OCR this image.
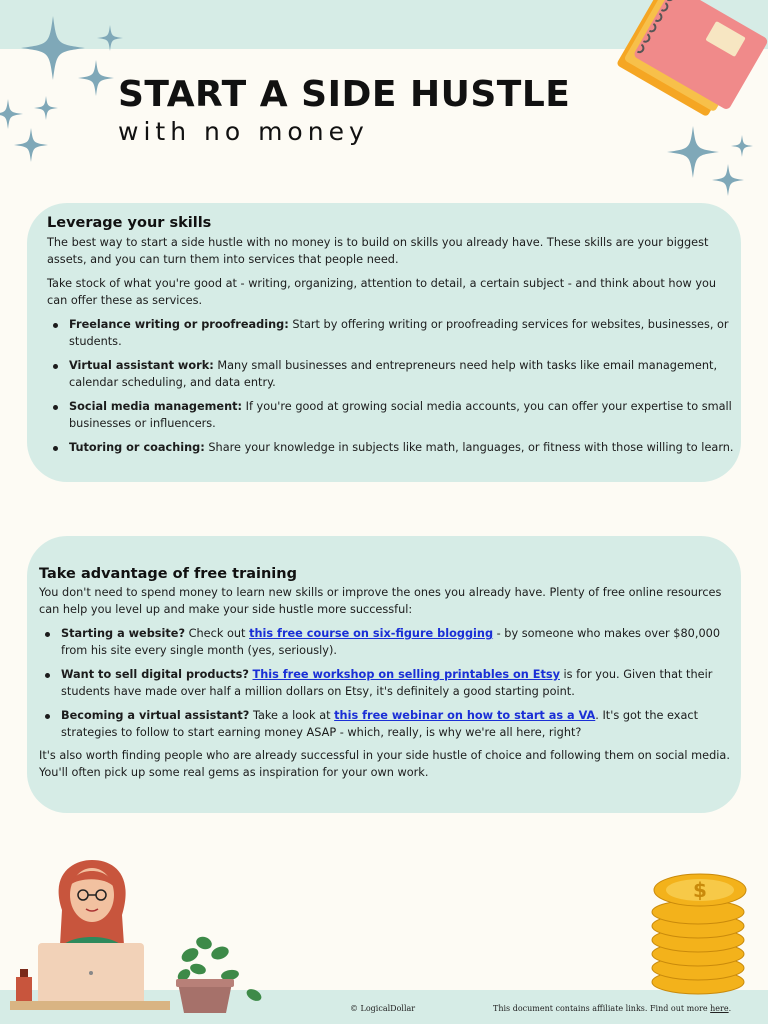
START A SIDE HUSTLE
with no money
Leverage your skills

The best way to start a side hustle with no money is to build on skills you already have. These skills are your biggest assets, and you can turn them into services that people need.

Take stock of what you're good at - writing, organizing, attention to detail, a certain subject - and think about how you can offer these as services.

Freelance writing or proofreading: Start by offering writing or proofreading services for websites, businesses, or students.
Virtual assistant work: Many small businesses and entrepreneurs need help with tasks like email management, calendar scheduling, and data entry.
Social media management: If you're good at growing social media accounts, you can offer your expertise to small businesses or influencers.
Tutoring or coaching: Share your knowledge in subjects like math, languages, or fitness with those willing to learn.
Take advantage of free training

You don't need to spend money to learn new skills or improve the ones you already have. Plenty of free online resources can help you level up and make your side hustle more successful:

Starting a website? Check out this free course on six-figure blogging - by someone who makes over $80,000 from his site every single month (yes, seriously).
Want to sell digital products? This free workshop on selling printables on Etsy is for you. Given that their students have made over half a million dollars on Etsy, it's definitely a good starting point.
Becoming a virtual assistant? Take a look at this free webinar on how to start as a VA. It's got the exact strategies to follow to start earning money ASAP - which, really, is why we're all here, right?

It's also worth finding people who are already successful in your side hustle of choice and following them on social media. You'll often pick up some real gems as inspiration for your own work.

$
© LogicalDollar	This document contains affiliate links. Find out more here.
